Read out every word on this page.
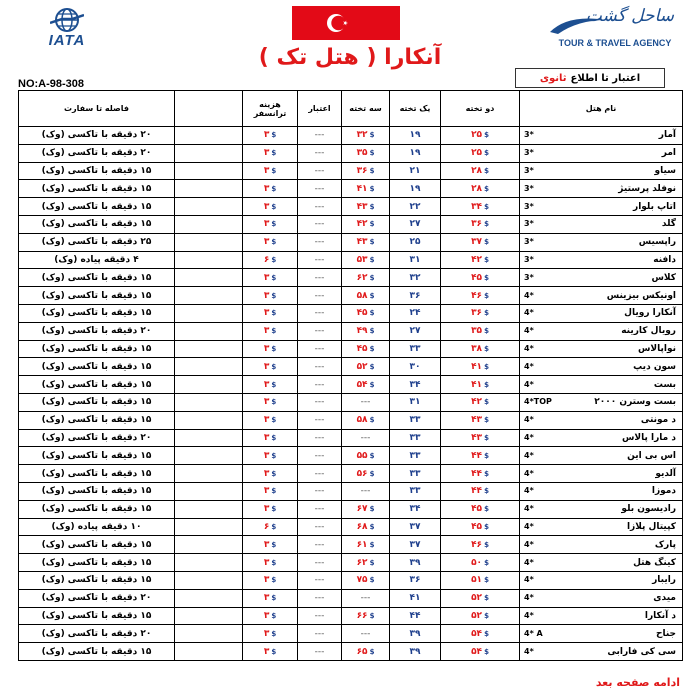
IATA
ساحل گشت
TOUR & TRAVEL AGENCY
آنکارا ( هتل تک )
NO:A-98-308	اعتبار تا اطلاع
ثانوی
فاصله تا سفارت		هزینه ترانسفر	اعتبار	سه تخته	یک تخته	دو تخته	نام هتل
۲۰ دقیقه با تاکسی (وک)		۳ $	---	۳۲ $	۱۹	۲۵ $	3* آمار
۲۰ دقیقه با تاکسی (وک)		۳ $	---	۳۵ $	۱۹	۲۵ $	3* امر
۱۵ دقیقه با تاکسی (وک)		۳ $	---	۳۶ $	۲۱	۲۸ $	3* سیاو
۱۵ دقیقه با تاکسی (وک)		۳ $	---	۴۱ $	۱۹	۲۸ $	3* نوفلد پرستیژ
۱۵ دقیقه با تاکسی (وک)		۳ $	---	۴۳ $	۲۲	۳۴ $	3* اتاپ بلوار
۱۵ دقیقه با تاکسی (وک)		۳ $	---	۴۲ $	۲۷	۳۶ $	3* گلد
۲۵ دقیقه با تاکسی (وک)		۳ $	---	۴۳ $	۲۵	۳۷ $	3* راپسیس
۴ دقیقه پیاده (وک)		۶ $	---	۵۳ $	۳۱	۴۲ $	3* دافنه
۱۵ دقیقه با تاکسی (وک)		۳ $	---	۶۲ $	۳۲	۴۵ $	3* کلاس
۱۵ دقیقه با تاکسی (وک)		۳ $	---	۵۸ $	۳۶	۴۶ $	4* اونیکس بیزینس
۱۵ دقیقه با تاکسی (وک)		۳ $	---	۴۵ $	۲۴	۳۶ $	4* آنکارا رویال
۲۰ دقیقه با تاکسی (وک)		۳ $	---	۴۹ $	۲۷	۳۵ $	4* رویال کارینه
۱۵ دقیقه با تاکسی (وک)		۳ $	---	۴۵ $	۳۳	۳۸ $	4* نواپالاس
۱۵ دقیقه با تاکسی (وک)		۳ $	---	۵۲ $	۳۰	۴۱ $	4* سون دیپ
۱۵ دقیقه با تاکسی (وک)		۳ $	---	۵۴ $	۳۴	۴۱ $	4* بست
۱۵ دقیقه با تاکسی (وک)		۳ $	---	---	۳۱	۴۲ $	4*TOP بست وسترن ۲۰۰۰
۱۵ دقیقه با تاکسی (وک)		۳ $	---	۵۸ $	۳۳	۴۳ $	4* د مونتی
۲۰ دقیقه با تاکسی (وک)		۳ $	---	---	۳۳	۴۳ $	4* د مارا پالاس
۱۵ دقیقه با تاکسی (وک)		۳ $	---	۵۵ $	۳۳	۴۴ $	4* اس بی این
۱۵ دقیقه با تاکسی (وک)		۳ $	---	۵۶ $	۳۳	۴۴ $	4* آلدیو
۱۵ دقیقه با تاکسی (وک)		۳ $	---	---	۳۳	۴۴ $	4* دموزا
۱۵ دقیقه با تاکسی (وک)		۳ $	---	۶۷ $	۳۴	۴۵ $	4* رادیسون بلو
۱۰ دقیقه پیاده (وک)		۶ $	---	۶۸ $	۳۷	۴۵ $	4* کپیتال پلازا
۱۵ دقیقه با تاکسی (وک)		۳ $	---	۶۱ $	۳۷	۴۶ $	4* پارک
۱۵ دقیقه با تاکسی (وک)		۳ $	---	۶۲ $	۳۹	۵۰ $	4* کینگ هتل
۱۵ دقیقه با تاکسی (وک)		۳ $	---	۷۵ $	۳۶	۵۱ $	4* رایبار
۲۰ دقیقه با تاکسی (وک)		۳ $	---	---	۴۱	۵۲ $	4* میدی
۱۵ دقیقه با تاکسی (وک)		۳ $	---	۶۶ $	۴۴	۵۲ $	4* د آنکارا
۲۰ دقیقه با تاکسی (وک)		۳ $	---	---	۳۹	۵۴ $	4* A جناح
۱۵ دقیقه با تاکسی (وک)		۳ $	---	۶۵ $	۳۹	۵۴ $	4* سی کی فارابی
ادامه صفحه بعد
